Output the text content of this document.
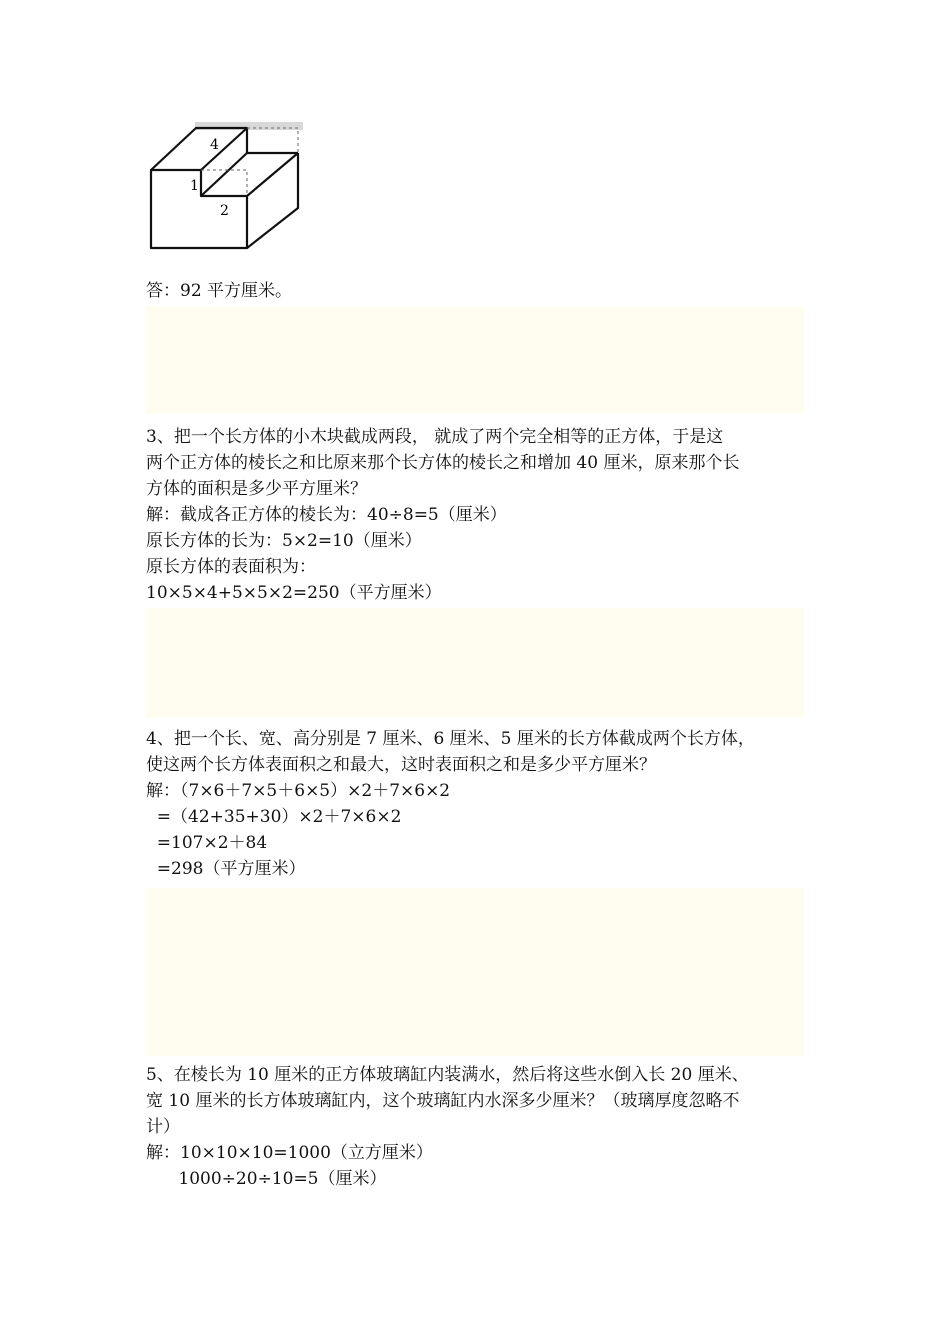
4
1
2
答：92 平方厘米。
3、把一个长方体的小木块截成两段， 就成了两个完全相等的正方体，于是这
两个正方体的棱长之和比原来那个长方体的棱长之和增加 40 厘米，原来那个长
方体的面积是多少平方厘米？
解：截成各正方体的棱长为：40÷8=5（厘米）
原长方体的长为：5×2=10（厘米）
原长方体的表面积为：
10×5×4+5×5×2=250（平方厘米）
4、把一个长、宽、高分别是 7 厘米、6 厘米、5 厘米的长方体截成两个长方体，
使这两个长方体表面积之和最大，这时表面积之和是多少平方厘米？
解：（7×6＋7×5＋6×5）×2＋7×6×2
=（42+35+30）×2＋7×6×2
=107×2＋84
=298（平方厘米）
5、在棱长为 10 厘米的正方体玻璃缸内装满水，然后将这些水倒入长 20 厘米、
宽 10 厘米的长方体玻璃缸内，这个玻璃缸内水深多少厘米？（玻璃厚度忽略不
计）
解：10×10×10=1000（立方厘米）
1000÷20÷10=5（厘米）
